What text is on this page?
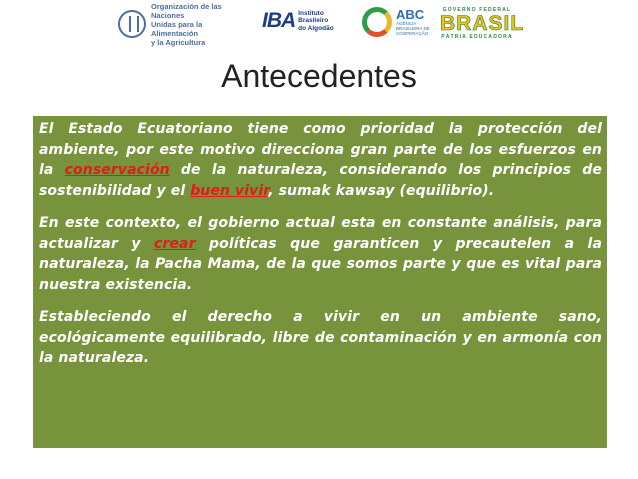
Organización de las Naciones
Unidas para la Alimentación
y la Agricultura
IBA Instituto
Brasileiro
do Algodão
ABC
AGÊNCIA
BRASILEIRA DE
COOPERAÇÃO
GOVERNO FEDERAL
BRASIL
PÁTRIA EDUCADORA
Antecedentes

El Estado Ecuatoriano tiene como prioridad la protección del ambiente, por este motivo direcciona gran parte de los esfuerzos en la conservación de la naturaleza, considerando los principios de sostenibilidad y el buen vivir, sumak kawsay (equilibrio).

En este contexto, el gobierno actual esta en constante análisis, para actualizar y crear políticas que garanticen y precautelen a la naturaleza, la Pacha Mama, de la que somos parte y que es vital para nuestra existencia.

Estableciendo el derecho a vivir en un ambiente sano, ecológicamente equilibrado, libre de contaminación y en armonía con la naturaleza.
